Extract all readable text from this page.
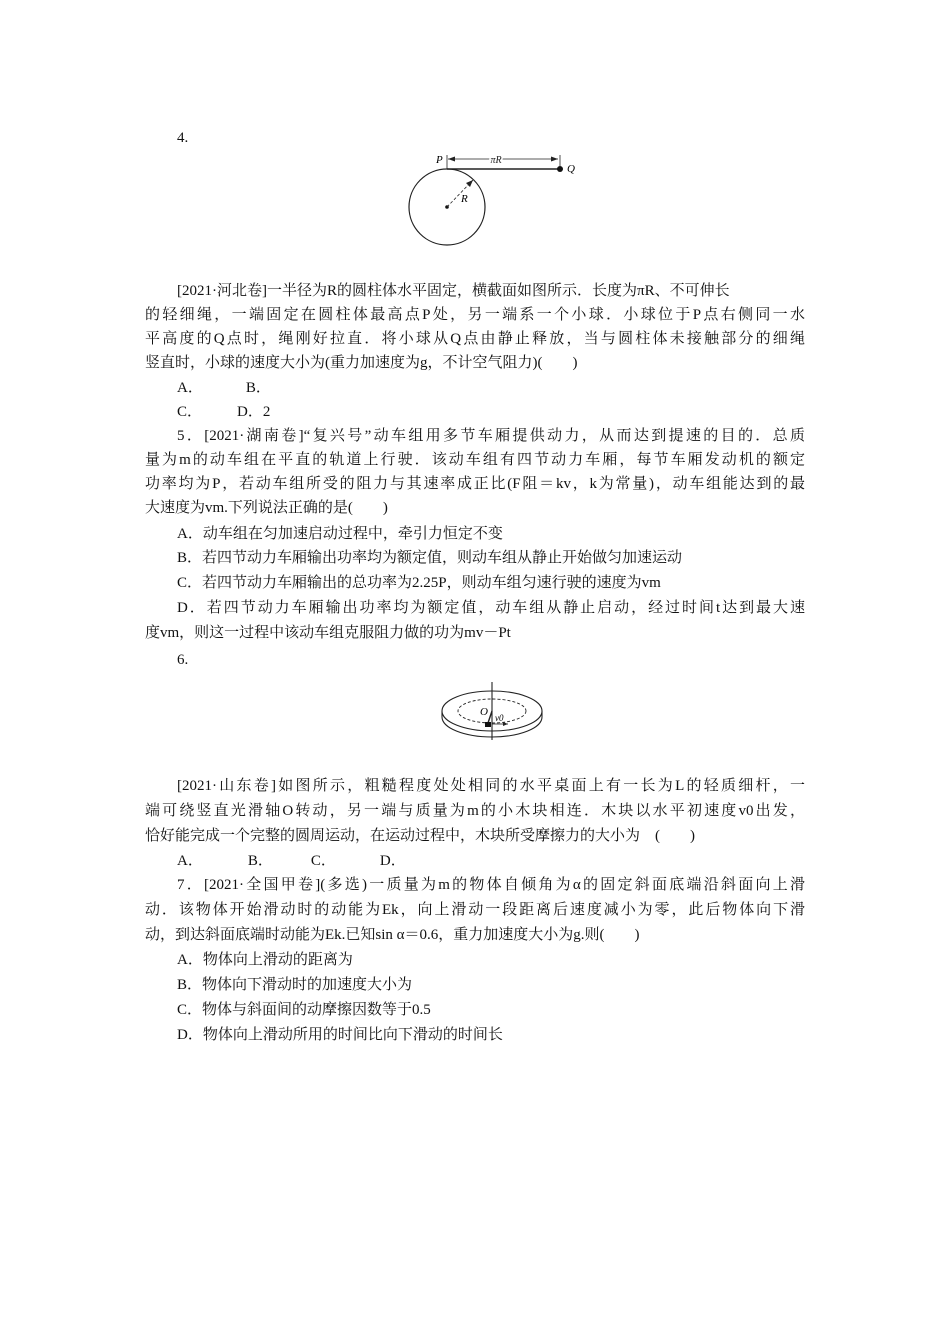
4.
P
Q
πR
R
[2021·河北卷]一半径为R的圆柱体水平固定，横截面如图所示．长度为πR、不可伸长
的轻细绳，一端固定在圆柱体最高点P处，另一端系一个小球．小球位于P点右侧同一水
平高度的Q点时，绳刚好拉直．将小球从Q点由静止释放，当与圆柱体未接触部分的细绳
竖直时，小球的速度大小为(重力加速度为g，不计空气阻力)(　　)
A．	B．
C． D．2
5．[2021·湖南卷]“复兴号”动车组用多节车厢提供动力，从而达到提速的目的．总质
量为m的动车组在平直的轨道上行驶．该动车组有四节动力车厢，每节车厢发动机的额定
功率均为P，若动车组所受的阻力与其速率成正比(F阻＝kv，k为常量)，动车组能达到的最
大速度为vm.下列说法正确的是(　　)
A．动车组在匀加速启动过程中，牵引力恒定不变
B．若四节动力车厢输出功率均为额定值，则动车组从静止开始做匀加速运动
C．若四节动力车厢输出的总功率为2.25P，则动车组匀速行驶的速度为vm
D．若四节动力车厢输出功率均为额定值，动车组从静止启动，经过时间t达到最大速
度vm，则这一过程中该动车组克服阻力做的功为mv－Pt
6.
O v0
[2021·山东卷]如图所示，粗糙程度处处相同的水平桌面上有一长为L的轻质细杆，一
端可绕竖直光滑轴O转动，另一端与质量为m的小木块相连．木块以水平初速度v0出发，
恰好能完成一个完整的圆周运动，在运动过程中，木块所受摩擦力的大小为　(　　)
A．	B．	C．	D．
7．[2021·全国甲卷](多选)一质量为m的物体自倾角为α的固定斜面底端沿斜面向上滑
动．该物体开始滑动时的动能为Ek，向上滑动一段距离后速度减小为零，此后物体向下滑
动，到达斜面底端时动能为Ek.已知sin α＝0.6，重力加速度大小为g.则(　　)
A．物体向上滑动的距离为
B．物体向下滑动时的加速度大小为
C．物体与斜面间的动摩擦因数等于0.5
D．物体向上滑动所用的时间比向下滑动的时间长
